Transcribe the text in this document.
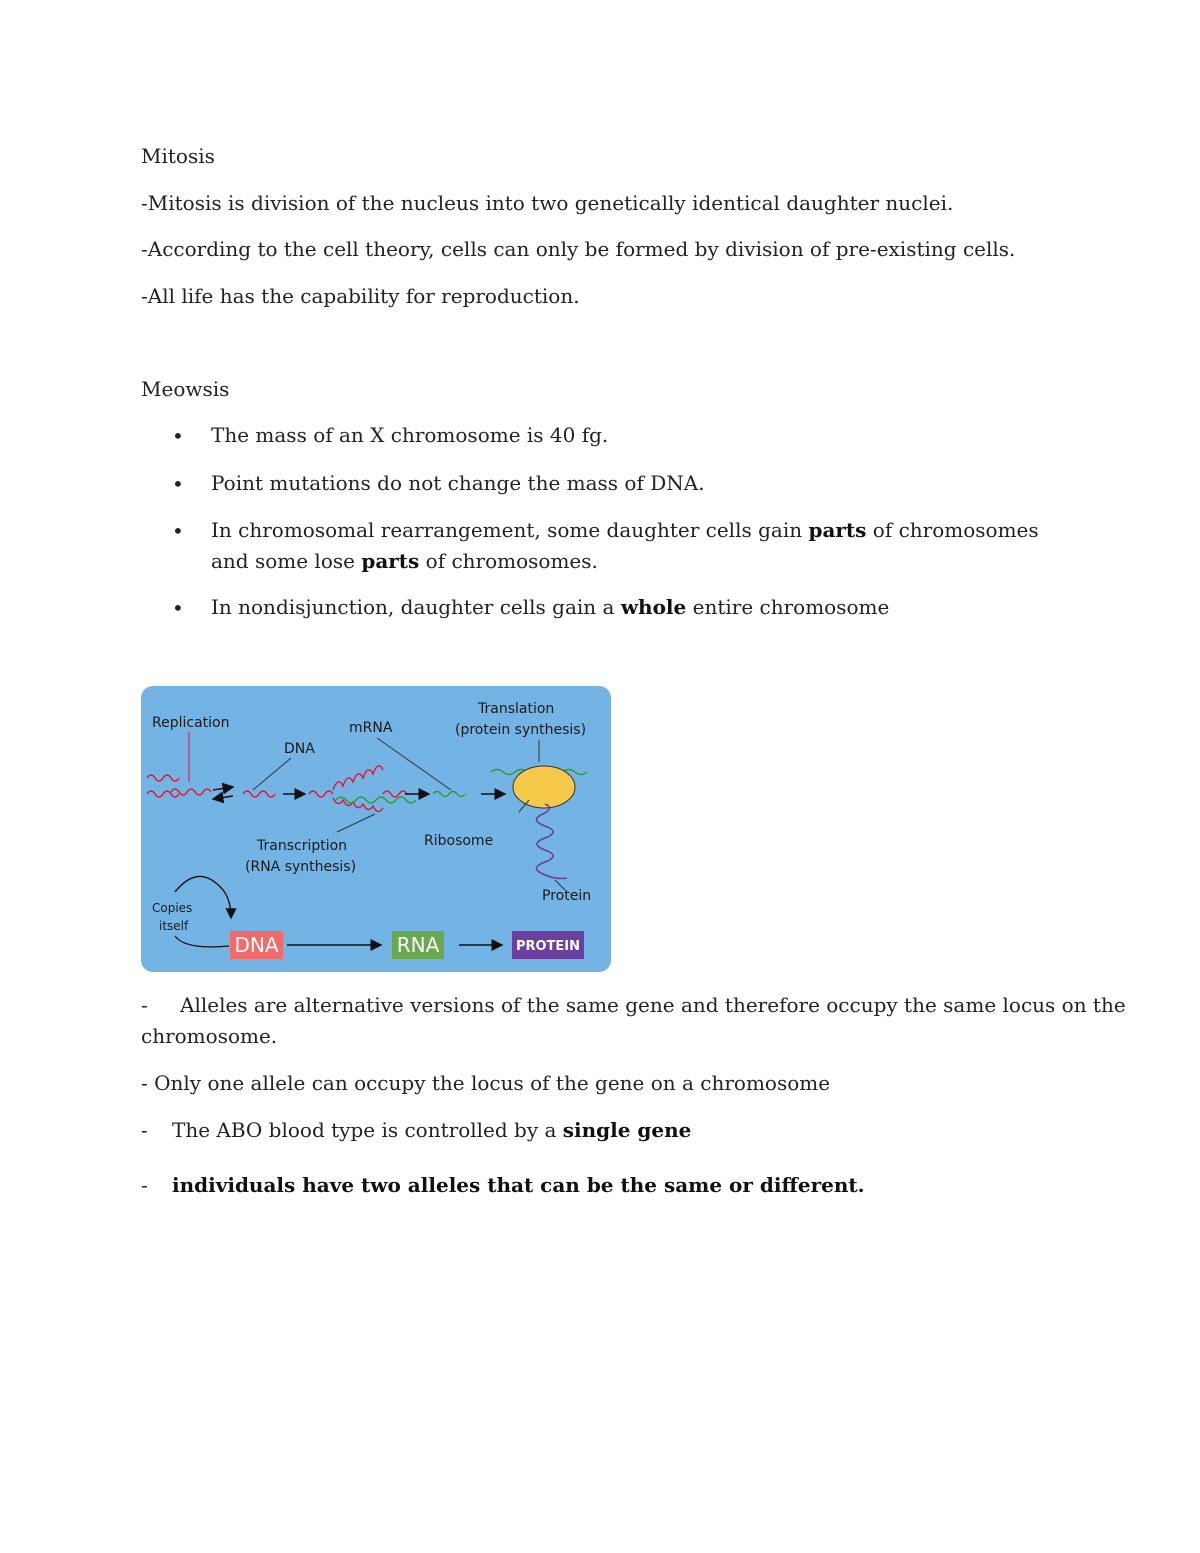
Mitosis

-Mitosis is division of the nucleus into two genetically identical daughter nuclei.

-According to the cell theory, cells can only be formed by division of pre-existing cells.

-All life has the capability for reproduction.

Meowsis

• The mass of an X chromosome is 40 fg.
• Point mutations do not change the mass of DNA.
• In chromosomal rearrangement, some daughter cells gain parts of chromosomes and some lose parts of chromosomes.
• In nondisjunction, daughter cells gain a whole entire chromosome
Replication
DNA
mRNA
Transcription
(RNA synthesis)
Translation
(protein synthesis)
Ribosome
Protein
Copies
itself
DNA	RNA	PROTEIN
- Alleles are alternative versions of the same gene and therefore occupy the same locus on the

chromosome.

- Only one allele can occupy the locus of the gene on a chromosome

- The ABO blood type is controlled by a single gene

- individuals have two alleles that can be the same or different.
